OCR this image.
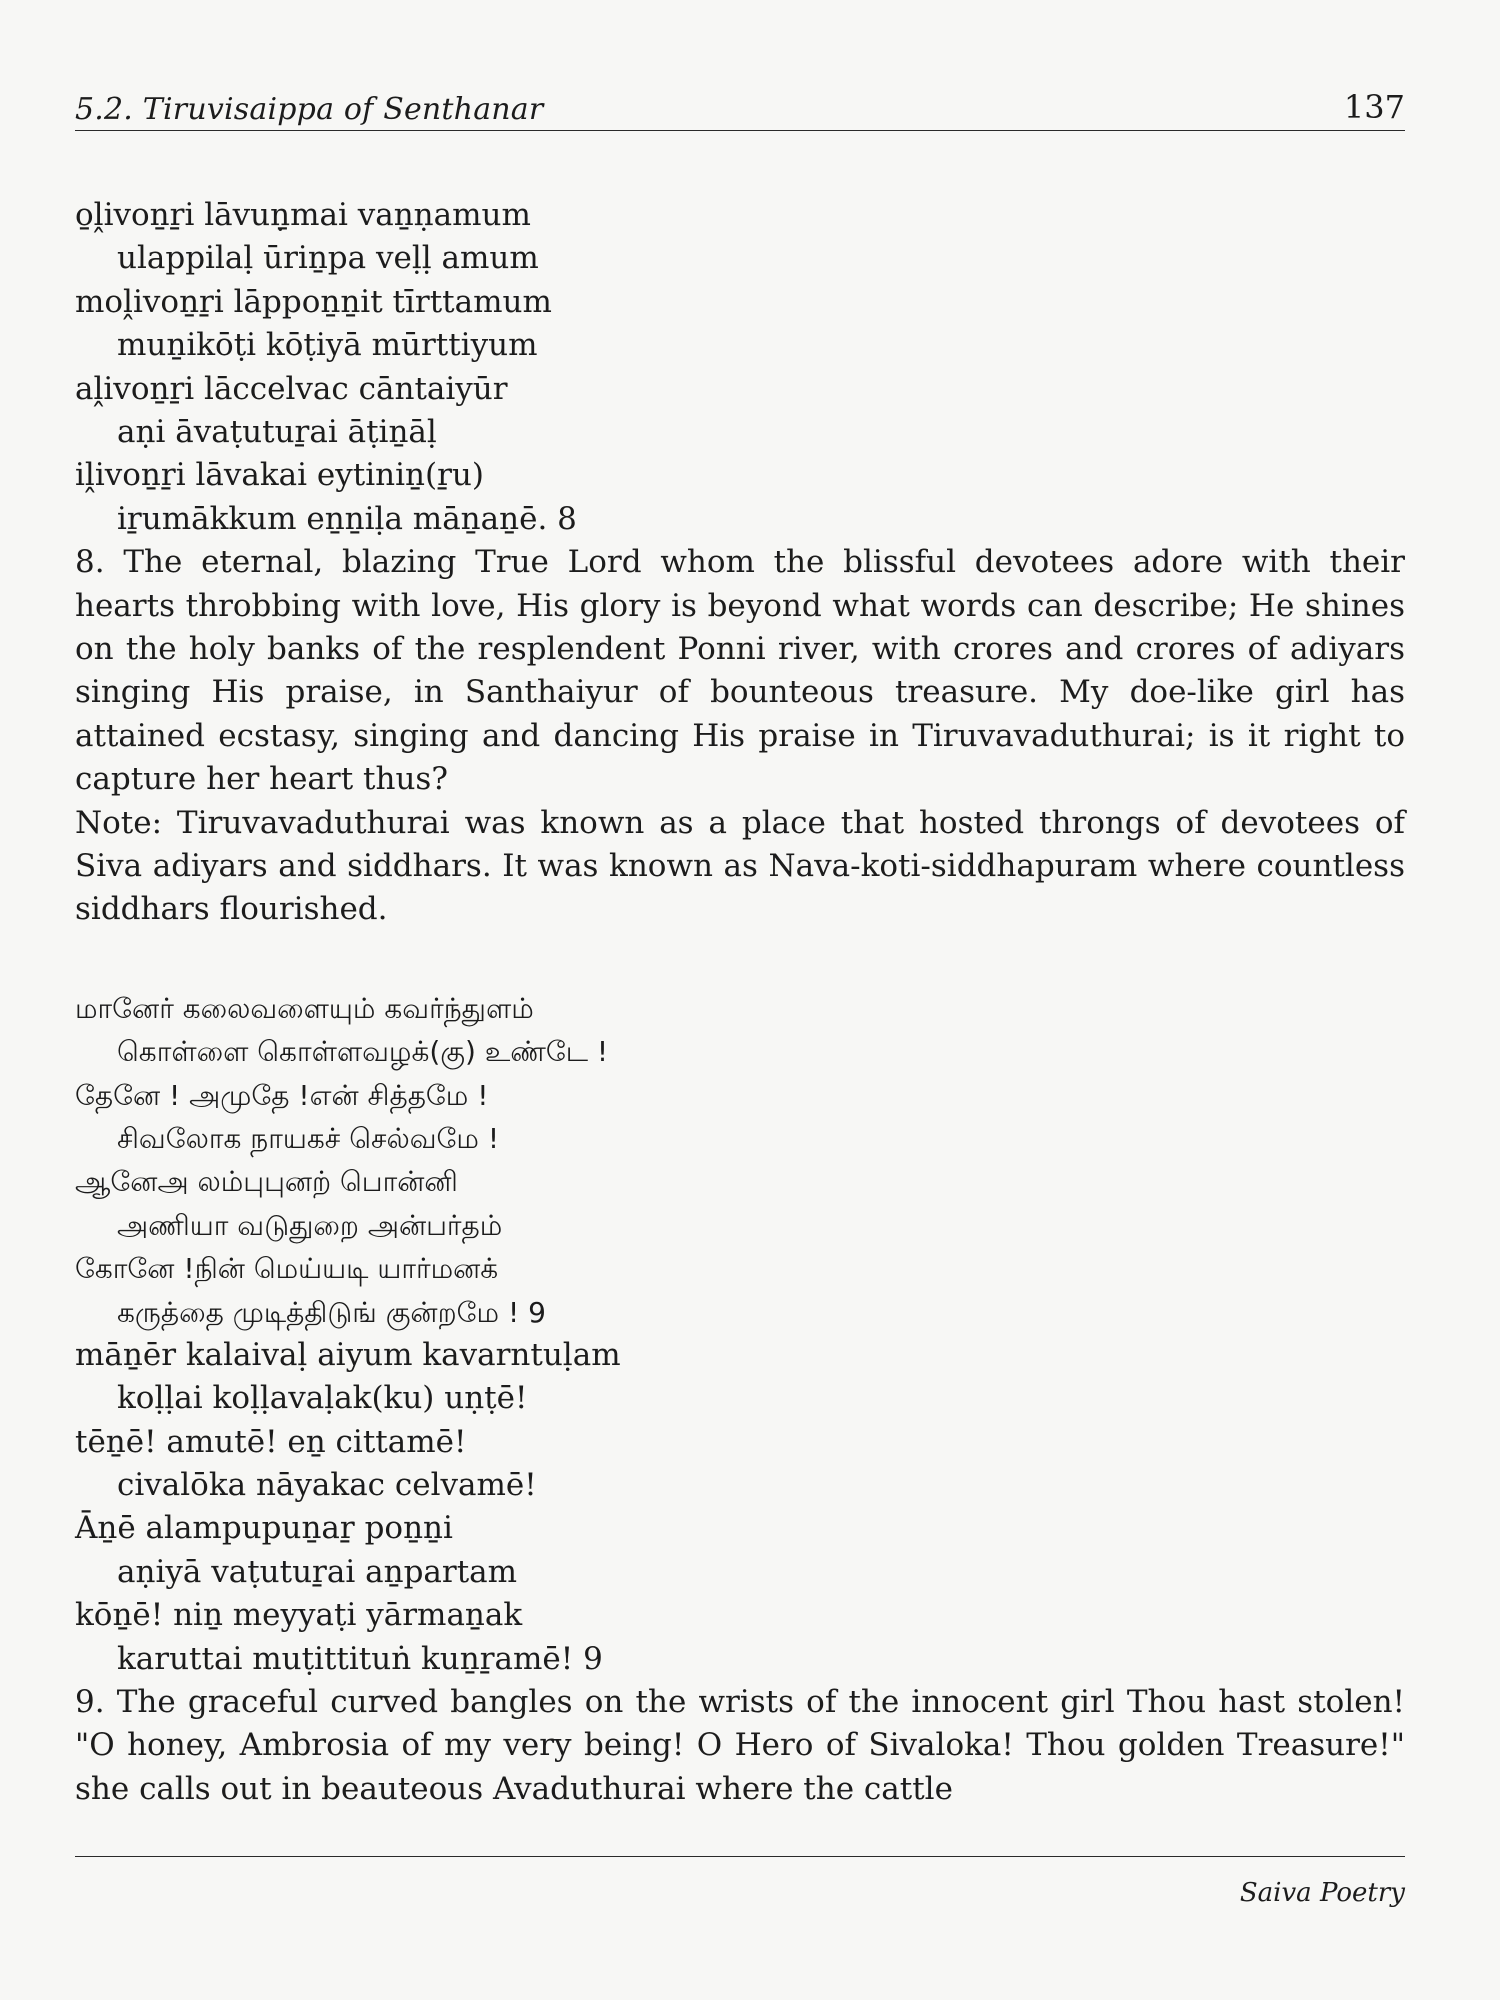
5.2. Tiruvisaippa of Senthanar	137
o̱ḽivoṉṟi lāvuṇ̱mai vaṉṇamum
ulappilaḷ ūriṉpa veḷḷ amum
moḽivoṉṟi lāppoṉṉit tīrttamum
muṉikōṭi kōṭiyā mūrttiyum
aḽivoṉṟi lāccelvac cāntaiyūr
aṇi āvaṭutuṟai āṭiṉāḷ
iḽivoṉṟi lāvakai eytiniṉ(ṟu)
iṟumākkum eṉṉiḷa māṉaṉē. 8
8. The eternal, blazing True Lord whom the blissful devotees adore with their hearts throbbing with love, His glory is beyond what words can describe; He shines on the holy banks of the resplendent Ponni river, with crores and crores of adiyars singing His praise, in Santhaiyur of bounteous treasure. My doe-like girl has attained ecstasy, singing and dancing His praise in Tiruvavaduthurai; is it right to capture her heart thus?
Note: Tiruvavaduthurai was known as a place that hosted throngs of devotees of Siva adiyars and siddhars. It was known as Nava-koti-siddhapuram where countless siddhars flourished.
மானேர் கலைவளையும் கவர்ந்துளம்
கொள்ளை கொள்ளவழக்(கு) உண்டே !
தேனே ! அமுதே !என் சித்தமே !
சிவலோக நாயகச் செல்வமே !
ஆனேஅ லம்புபுனற் பொன்னி
அணியா வடுதுறை அன்பர்தம்
கோனே !நின் மெய்யடி யார்மனக்
கருத்தை முடித்திடுங் குன்றமே ! 9
māṉēr kalaivaḷ aiyum kavarntuḷam
koḷḷai koḷḷavaḷak(ku) uṇṭē!
tēṉē! amutē! eṉ cittamē!
civalōka nāyakac celvamē!
Āṉē alampupuṉaṟ poṉṉi
aṇiyā vaṭutuṟai aṉpartam
kōṉē! niṉ meyyaṭi yārmaṉak
karuttai muṭittituṅ kuṉṟamē! 9
9. The graceful curved bangles on the wrists of the innocent girl Thou hast stolen! "O honey, Ambrosia of my very being! O Hero of Sivaloka! Thou golden Treasure!" she calls out in beauteous Avaduthurai where the cattle
Saiva Poetry
